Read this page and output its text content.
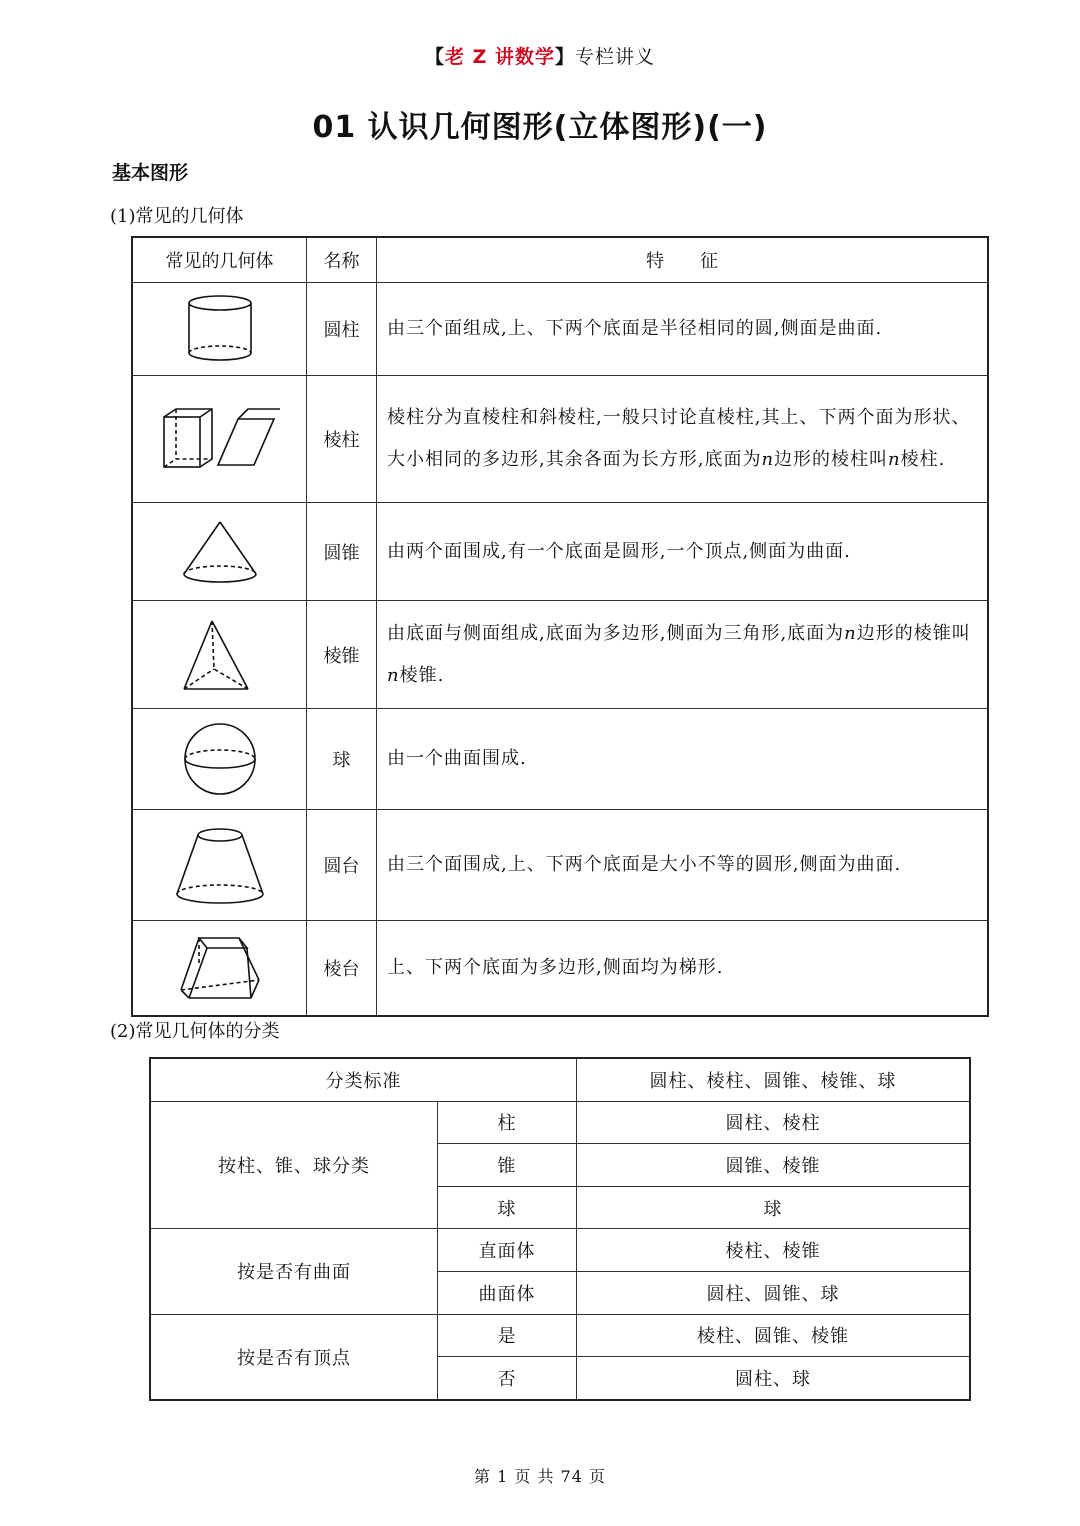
【老 Z 讲数学】专栏讲义
01 认识几何图形(立体图形)(一)
基本图形
(1)常见的几何体
常见的几何体	名称	特　　征

	圆柱	由三个面组成,上、下两个底面是半径相同的圆,侧面是曲面.

	棱柱	棱柱分为直棱柱和斜棱柱,一般只讨论直棱柱,其上、下两个面为形状、大小相同的多边形,其余各面为长方形,底面为n边形的棱柱叫n棱柱.

	圆锥	由两个面围成,有一个底面是圆形,一个顶点,侧面为曲面.

	棱锥	由底面与侧面组成,底面为多边形,侧面为三角形,底面为n边形的棱锥叫n棱锥.

	球	由一个曲面围成.

	圆台	由三个面围成,上、下两个底面是大小不等的圆形,侧面为曲面.

	棱台	上、下两个底面为多边形,侧面均为梯形.
(2)常见几何体的分类
分类标准		圆柱、棱柱、圆锥、棱锥、球
按柱、锥、球分类	柱	圆柱、棱柱
	锥	圆锥、棱锥
	球	球
按是否有曲面	直面体	棱柱、棱锥
	曲面体	圆柱、圆锥、球
按是否有顶点	是	棱柱、圆锥、棱锥
	否	圆柱、球
第 1 页 共 74 页
